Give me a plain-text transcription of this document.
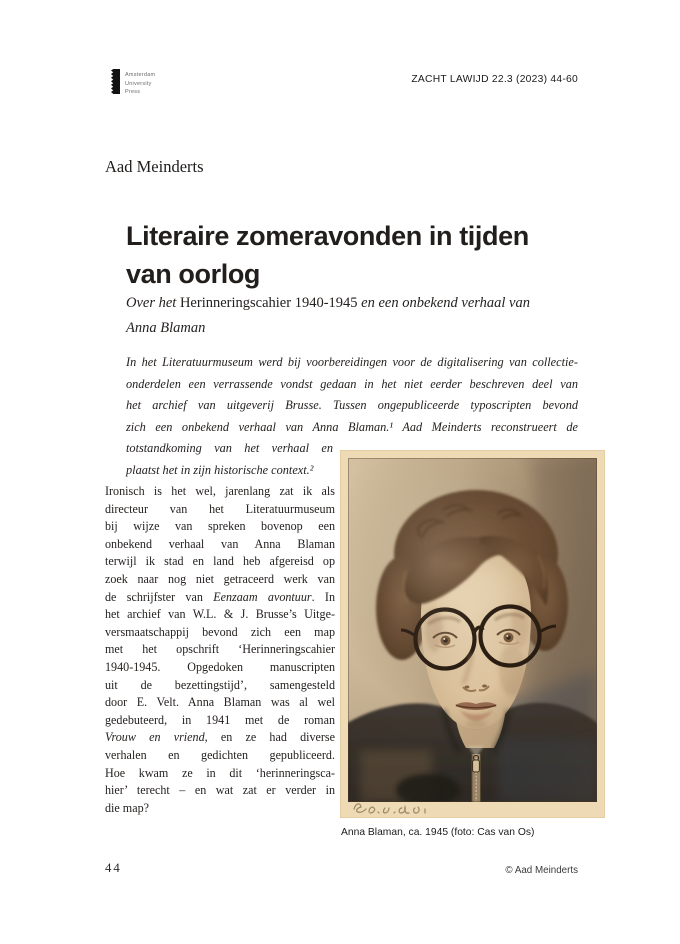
Amsterdam
University
Press
ZACHT LAWIJD 22.3 (2023) 44-60
Aad Meinderts
Literaire zomeravonden in tijden
van oorlog
Over het Herinneringscahier 1940-1945 en een onbekend verhaal van
Anna Blaman
In het Literatuurmuseum werd bij voorbereidingen voor de digitalisering van collectie-
onderdelen een verrassende vondst gedaan in het niet eerder beschreven deel van
het archief van uitgeverij Brusse. Tussen ongepubliceerde typoscripten bevond
zich een onbekend verhaal van Anna Blaman.¹ Aad Meinderts reconstrueert de
totstandkoming van het verhaal en
plaatst het in zijn historische context.²
Ironisch is het wel, jarenlang zat ik als
directeur van het Literatuurmuseum
bij wijze van spreken bovenop een
onbekend verhaal van Anna Blaman
terwijl ik stad en land heb afgereisd op
zoek naar nog niet getraceerd werk van
de schrijfster van Eenzaam avontuur. In
het archief van W.L. & J. Brusse’s Uitge-
versmaatschappij bevond zich een map
met het opschrift ‘Herinneringscahier
1940-1945. Opgedoken manuscripten
uit de bezettingstijd’, samengesteld
door E. Velt. Anna Blaman was al wel
gedebuteerd, in 1941 met de roman
Vrouw en vriend, en ze had diverse
verhalen en gedichten gepubliceerd.
Hoe kwam ze in dit ‘herinneringsca-
hier’ terecht – en wat zat er verder in
die map?
Anna Blaman, ca. 1945 (foto: Cas van Os)
44	© Aad Meinderts
